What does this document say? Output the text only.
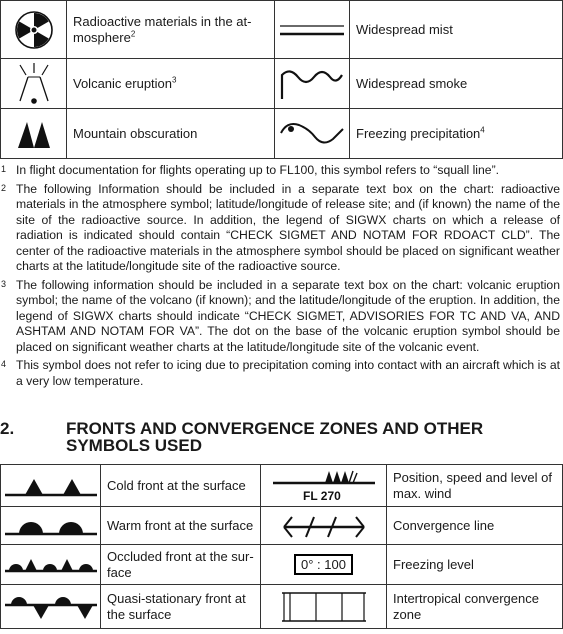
	Radioactive materials in the at-mosphere$^2$		Widespread mist

	Volcanic eruption$^3$		Widespread smoke

	Mountain obscuration		Freezing precipitation$^4$
1 In flight documentation for flights operating up to FL100, this symbol refers to “squall line”.
2 The following Information should be included in a separate text box on the chart: radioactive materials in the atmosphere symbol; latitude/longitude of release site; and (if known) the name of the site of the radioactive source. In addition, the legend of SIGWX charts on which a release of radiation is indicated should contain “CHECK SIGMET AND NOTAM FOR RDOACT CLD”. The center of the radioactive materials in the atmosphere symbol should be placed on significant weather charts at the latitude/longitude site of the radioactive source.
3 The following information should be included in a separate text box on the chart: volcanic eruption symbol; the name of the volcano (if known); and the latitude/longitude of the eruption. In addition, the legend of SIGWX charts should indicate “CHECK SIGMET, ADVISORIES FOR TC AND VA, AND ASHTAM AND NOTAM FOR VA”. The dot on the base of the volcanic eruption symbol should be placed on significant weather charts at the latitude/longitude site of the volcanic event.
4 This symbol does not refer to icing due to precipitation coming into contact with an aircraft which is at a very low temperature.
2.	FRONTS AND CONVERGENCE ZONES AND OTHER SYMBOLS USED
	Cold front at the surface	FL 270	Position, speed and level of max. wind

	Warm front at the surface		Convergence line

	Occluded front at the sur-face	0° : 100	Freezing level

	Quasi-stationary front at the surface		Intertropical convergence zone
